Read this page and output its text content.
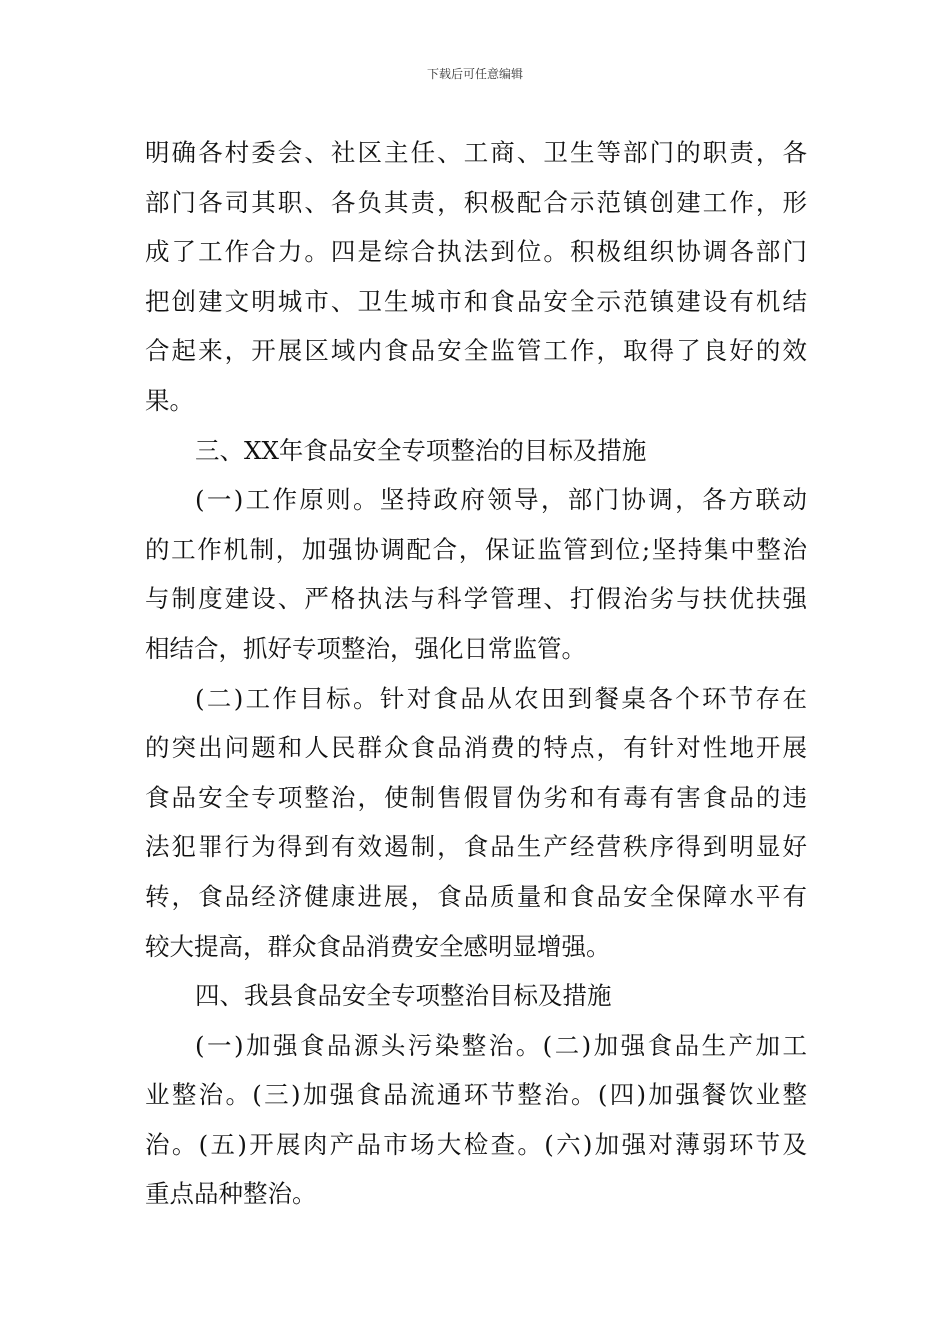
下载后可任意编辑
明确各村委会、社区主任、工商、卫生等部门的职责，各
部门各司其职、各负其责，积极配合示范镇创建工作，形
成了工作合力。四是综合执法到位。积极组织协调各部门
把创建文明城市、卫生城市和食品安全示范镇建设有机结
合起来，开展区域内食品安全监管工作，取得了良好的效
果。
三、XX年食品安全专项整治的目标及措施
(一)工作原则。坚持政府领导，部门协调，各方联动
的工作机制，加强协调配合，保证监管到位;坚持集中整治
与制度建设、严格执法与科学管理、打假治劣与扶优扶强
相结合，抓好专项整治，强化日常监管。
(二)工作目标。针对食品从农田到餐桌各个环节存在
的突出问题和人民群众食品消费的特点，有针对性地开展
食品安全专项整治，使制售假冒伪劣和有毒有害食品的违
法犯罪行为得到有效遏制，食品生产经营秩序得到明显好
转，食品经济健康进展，食品质量和食品安全保障水平有
较大提高，群众食品消费安全感明显增强。
四、我县食品安全专项整治目标及措施
(一)加强食品源头污染整治。(二)加强食品生产加工
业整治。(三)加强食品流通环节整治。(四)加强餐饮业整
治。(五)开展肉产品市场大检查。(六)加强对薄弱环节及
重点品种整治。
